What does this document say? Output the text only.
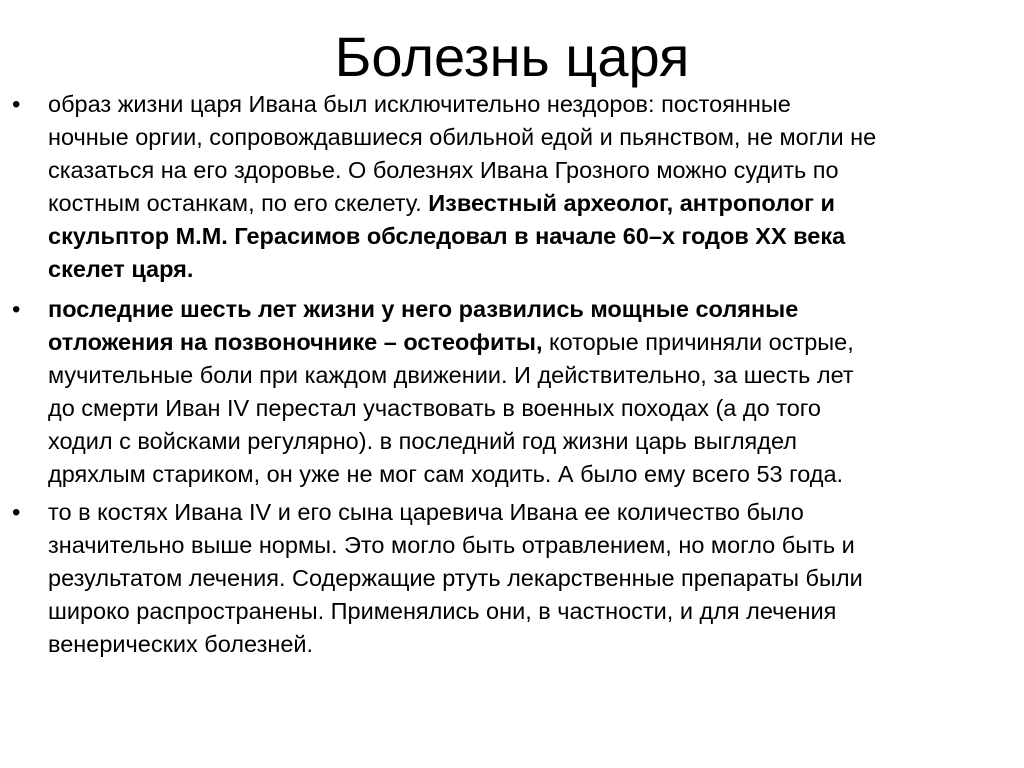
Болезнь царя
• образ жизни царя Ивана был исключительно нездоров: постоянные
ночные оргии, сопровождавшиеся обильной едой и пьянством, не могли не
сказаться на его здоровье. О болезнях Ивана Грозного можно судить по
костным останкам, по его скелету. Известный археолог, антрополог и
скульптор М.М. Герасимов обследовал в начале 60–х годов XX века
скелет царя.
• последние шесть лет жизни у него развились мощные соляные
отложения на позвоночнике – остеофиты, которые причиняли острые,
мучительные боли при каждом движении. И действительно, за шесть лет
до смерти Иван IV перестал участвовать в военных походах (а до того
ходил с войсками регулярно). в последний год жизни царь выглядел
дряхлым стариком, он уже не мог сам ходить. А было ему всего 53 года.
• то в костях Ивана IV и его сына царевича Ивана ее количество было
значительно выше нормы. Это могло быть отравлением, но могло быть и
результатом лечения. Содержащие ртуть лекарственные препараты были
широко распространены. Применялись они, в частности, и для лечения
венерических болезней.
